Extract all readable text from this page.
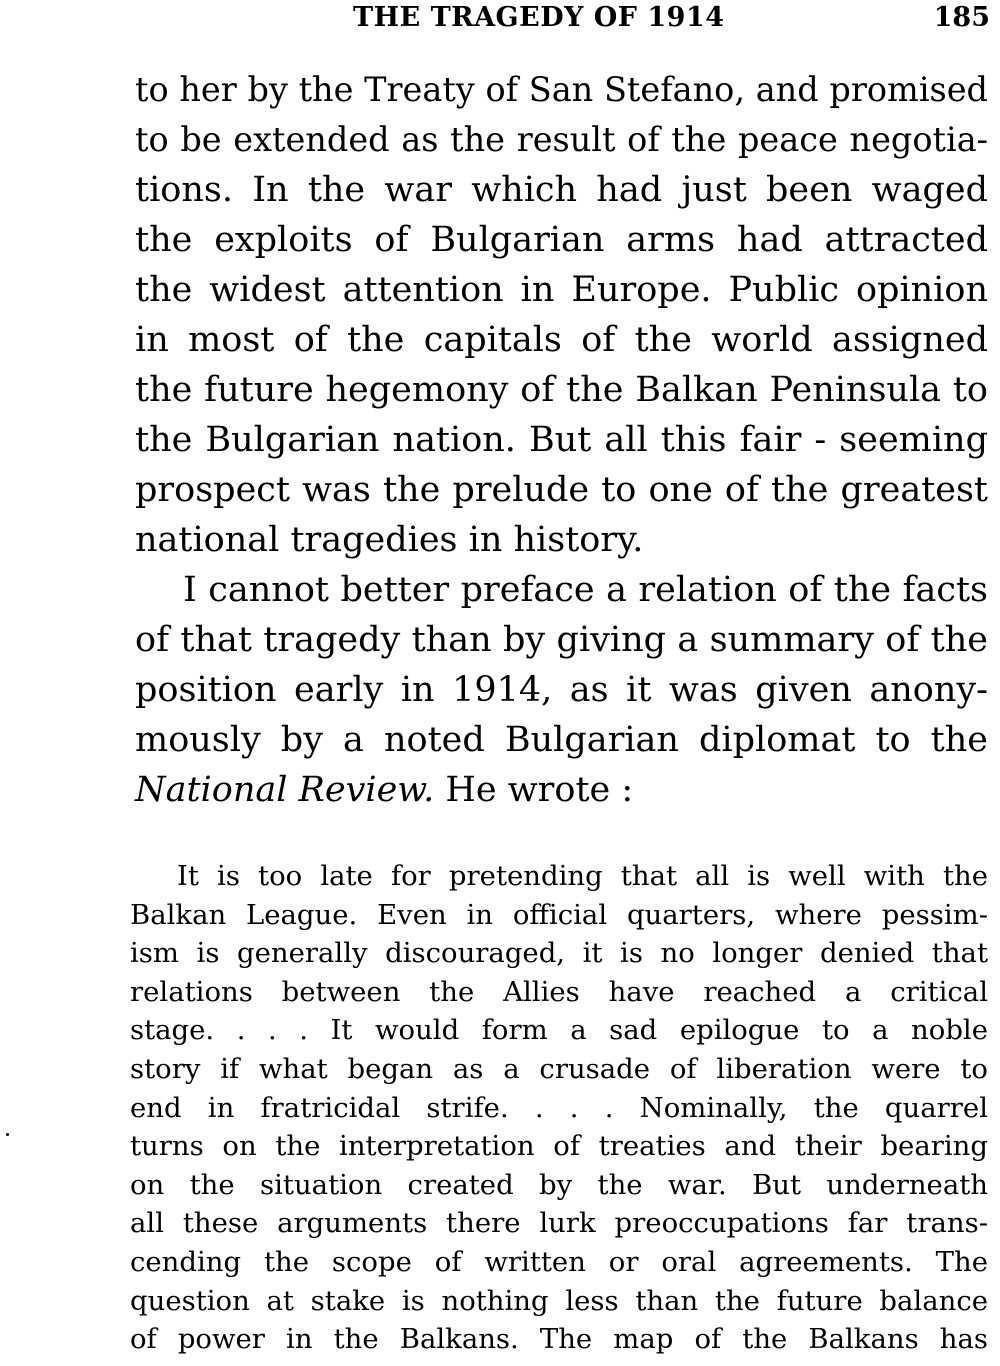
THE TRAGEDY OF 1914	185
to her by the Treaty of San Stefano, and promised
to be extended as the result of the peace negotia-
tions. In the war which had just been waged
the exploits of Bulgarian arms had attracted
the widest attention in Europe. Public opinion
in most of the capitals of the world assigned
the future hegemony of the Balkan Peninsula to
the Bulgarian nation. But all this fair - seeming
prospect was the prelude to one of the greatest
national tragedies in history.
I cannot better preface a relation of the facts
of that tragedy than by giving a summary of the
position early in 1914, as it was given anony-
mously by a noted Bulgarian diplomat to the
National Review. He wrote :
It is too late for pretending that all is well with the
Balkan League. Even in official quarters, where pessim-
ism is generally discouraged, it is no longer denied that
relations between the Allies have reached a critical
stage. . . . It would form a sad epilogue to a noble
story if what began as a crusade of liberation were to
end in fratricidal strife. . . . Nominally, the quarrel
turns on the interpretation of treaties and their bearing
on the situation created by the war. But underneath
all these arguments there lurk preoccupations far trans-
cending the scope of written or oral agreements. The
question at stake is nothing less than the future balance
of power in the Balkans. The map of the Balkans has
